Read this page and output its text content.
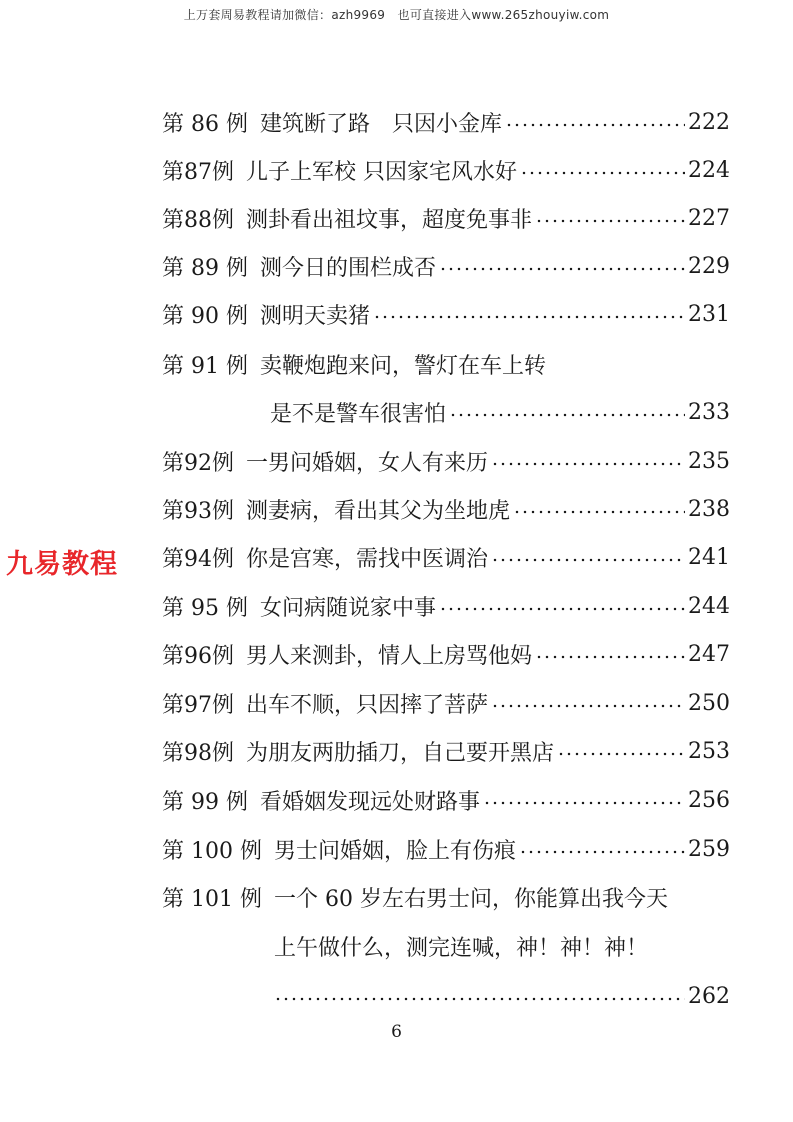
上万套周易教程请加微信：azh9969　也可直接进入www.265zhouyiw.com
九易教程
第 86 例 建筑断了路　只因小金库	222
第87例 儿子上军校 只因家宅风水好	224
第88例 测卦看出祖坟事，超度免事非	227
第 89 例 测今日的围栏成否	229
第 90 例 测明天卖猪	231
第 91 例 卖鞭炮跑来问，警灯在车上转
是不是警车很害怕	233
第92例 一男问婚姻，女人有来历	235
第93例 测妻病，看出其父为坐地虎	238
第94例 你是宫寒，需找中医调治	241
第 95 例 女问病随说家中事	244
第96例 男人来测卦，情人上房骂他妈	247
第97例 出车不顺，只因摔了菩萨	250
第98例 为朋友两肋插刀，自己要开黑店	253
第 99 例 看婚姻发现远处财路事	256
第 100 例 男士问婚姻，脸上有伤痕	259
第 101 例 一个 60 岁左右男士问，你能算出我今天
上午做什么，测完连喊，神！神！神！
262
6
